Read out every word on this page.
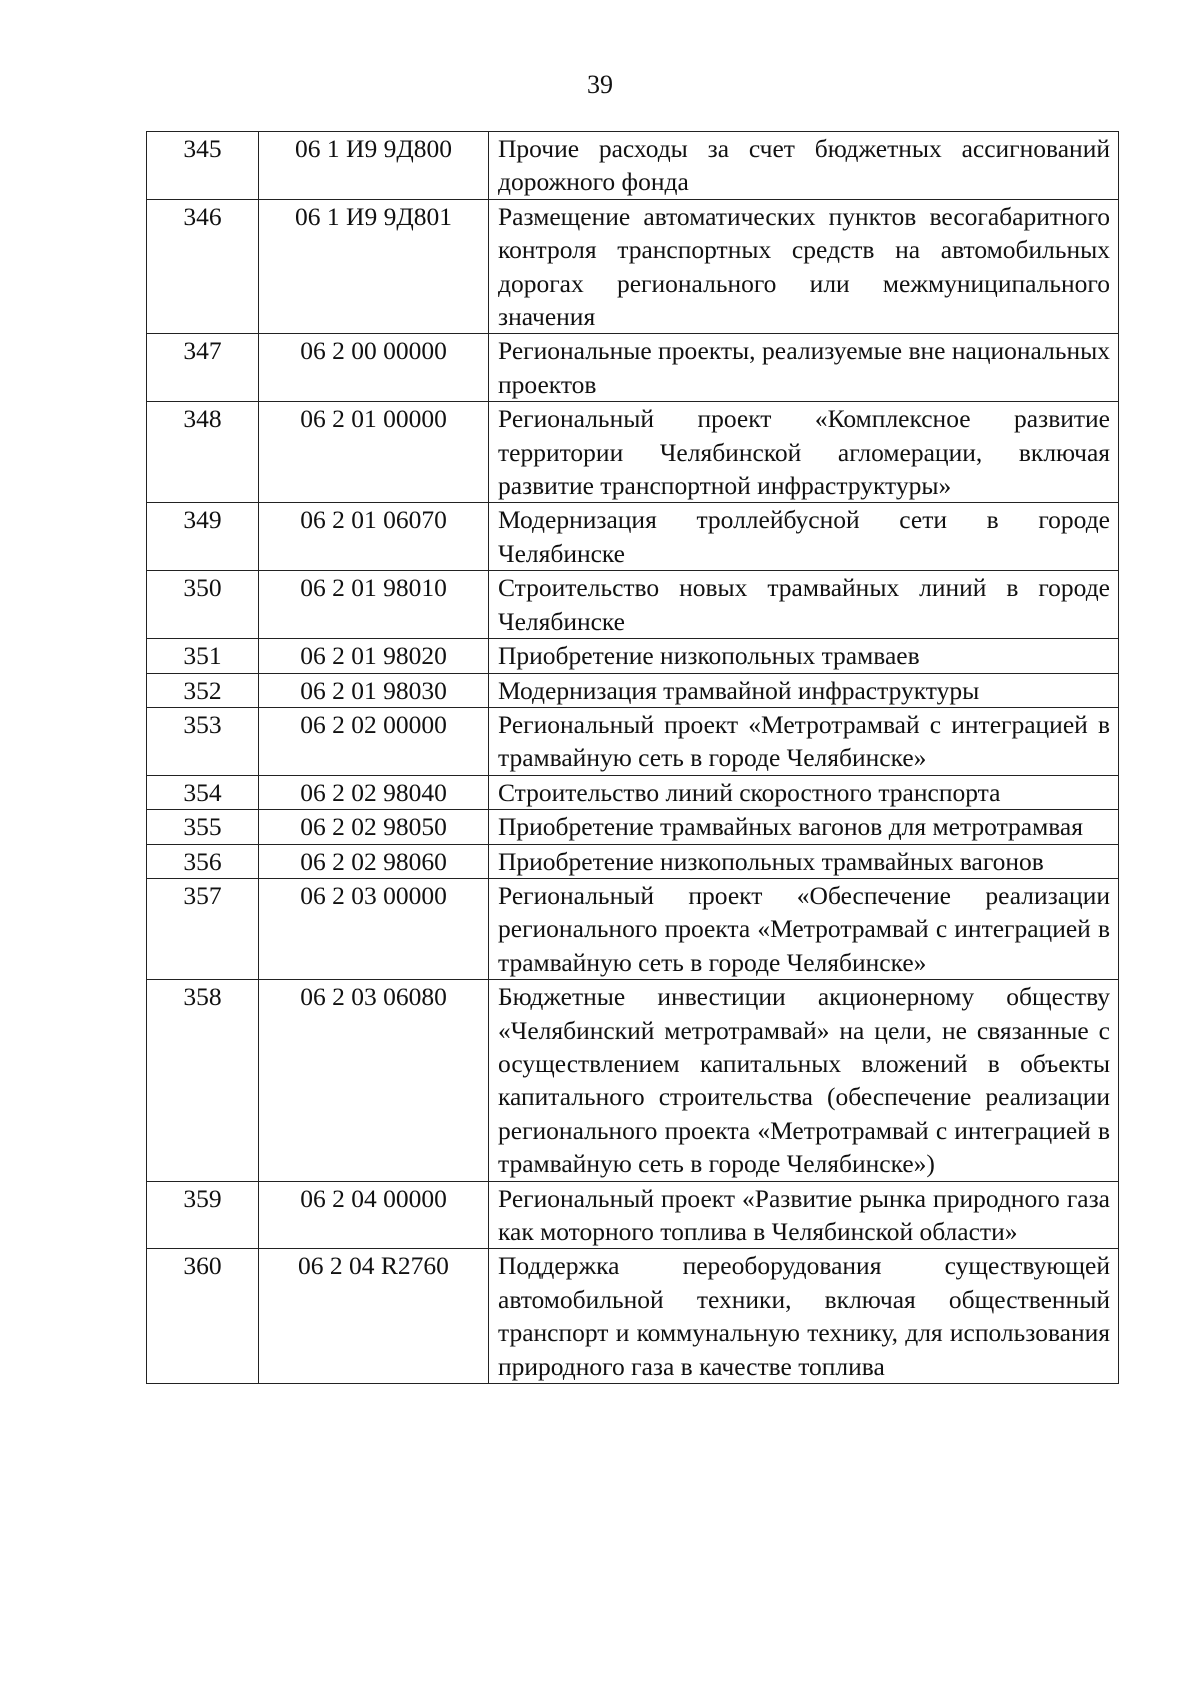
39
345	06 1 И9 9Д800	Прочие расходы за счет бюджетных ассигнований дорожного фонда
346	06 1 И9 9Д801	Размещение автоматических пунктов весогабаритного контроля транспортных средств на автомобильных дорогах регионального или межмуниципального значения
347	06 2 00 00000	Региональные проекты, реализуемые вне национальных проектов
348	06 2 01 00000	Региональный проект «Комплексное развитие территории Челябинской агломерации, включая развитие транспортной инфраструктуры»
349	06 2 01 06070	Модернизация троллейбусной сети в городе Челябинске
350	06 2 01 98010	Строительство новых трамвайных линий в городе Челябинске
351	06 2 01 98020	Приобретение низкопольных трамваев
352	06 2 01 98030	Модернизация трамвайной инфраструктуры
353	06 2 02 00000	Региональный проект «Метротрамвай с интеграцией в трамвайную сеть в городе Челябинске»
354	06 2 02 98040	Строительство линий скоростного транспорта
355	06 2 02 98050	Приобретение трамвайных вагонов для метротрамвая
356	06 2 02 98060	Приобретение низкопольных трамвайных вагонов
357	06 2 03 00000	Региональный проект «Обеспечение реализации регионального проекта «Метротрамвай с интеграцией в трамвайную сеть в городе Челябинске»
358	06 2 03 06080	Бюджетные инвестиции акционерному обществу «Челябинский метротрамвай» на цели, не связанные с осуществлением капитальных вложений в объекты капитального строительства (обеспечение реализации регионального проекта «Метротрамвай с интеграцией в трамвайную сеть в городе Челябинске»)
359	06 2 04 00000	Региональный проект «Развитие рынка природного газа как моторного топлива в Челябинской области»
360	06 2 04 R2760	Поддержка переоборудования существующей автомобильной техники, включая общественный транспорт и коммунальную технику, для использования природного газа в качестве топлива
